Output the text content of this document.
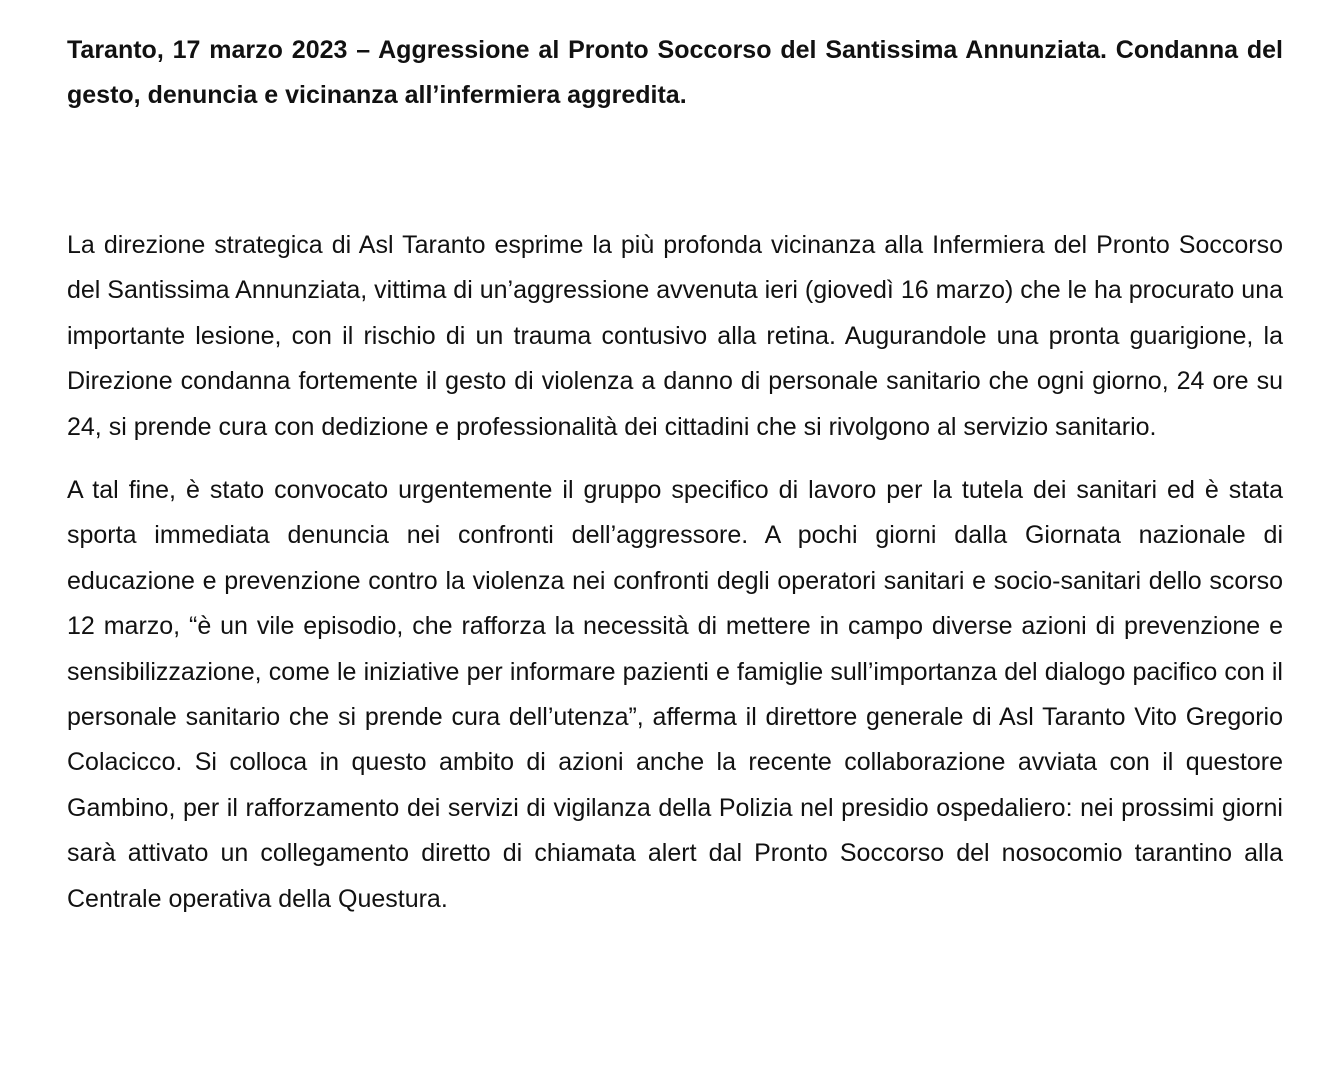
Taranto, 17 marzo 2023 – Aggressione al Pronto Soccorso del Santissima Annunziata. Condanna del gesto, denuncia e vicinanza all’infermiera aggredita.

La direzione strategica di Asl Taranto esprime la più profonda vicinanza alla Infermiera del Pronto Soccorso del Santissima Annunziata, vittima di un’aggressione avvenuta ieri (giovedì 16 marzo) che le ha procurato una importante lesione, con il rischio di un trauma contusivo alla retina. Augurandole una pronta guarigione, la Direzione condanna fortemente il gesto di violenza a danno di personale sanitario che ogni giorno, 24 ore su 24, si prende cura con dedizione e professionalità dei cittadini che si rivolgono al servizio sanitario.

A tal fine, è stato convocato urgentemente il gruppo specifico di lavoro per la tutela dei sanitari ed è stata sporta immediata denuncia nei confronti dell’aggressore. A pochi giorni dalla Giornata nazionale di educazione e prevenzione contro la violenza nei confronti degli operatori sanitari e socio-sanitari dello scorso 12 marzo, “è un vile episodio, che rafforza la necessità di mettere in campo diverse azioni di prevenzione e sensibilizzazione, come le iniziative per informare pazienti e famiglie sull’importanza del dialogo pacifico con il personale sanitario che si prende cura dell’utenza”, afferma il direttore generale di Asl Taranto Vito Gregorio Colacicco. Si colloca in questo ambito di azioni anche la recente collaborazione avviata con il questore Gambino, per il rafforzamento dei servizi di vigilanza della Polizia nel presidio ospedaliero: nei prossimi giorni sarà attivato un collegamento diretto di chiamata alert dal Pronto Soccorso del nosocomio tarantino alla Centrale operativa della Questura.
